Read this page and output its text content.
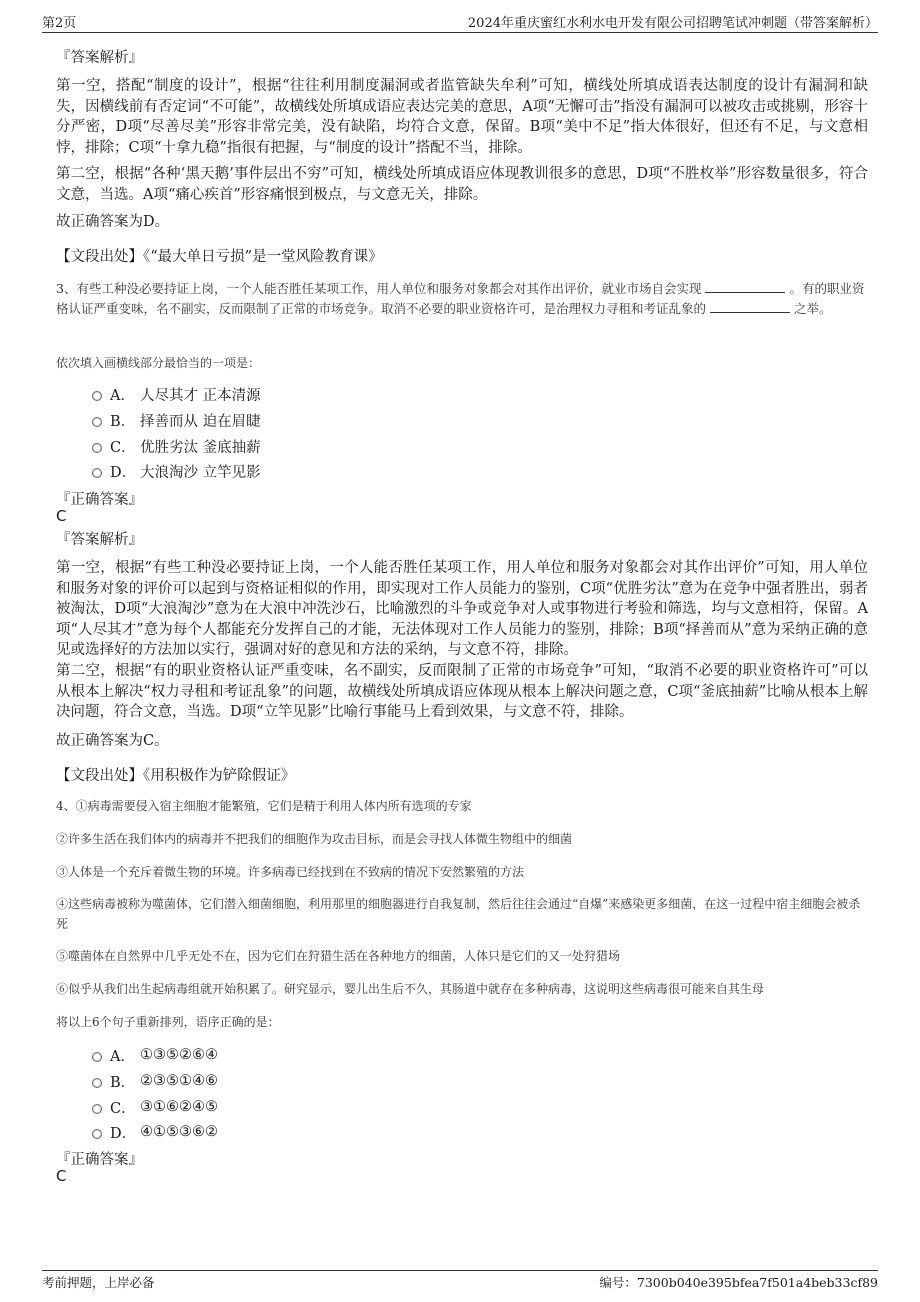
第2页	2024年重庆蜜红水利水电开发有限公司招聘笔试冲刺题（带答案解析）
『答案解析』
第一空，搭配“制度的设计”，根据“往往利用制度漏洞或者监管缺失牟利”可知，横线处所填成语表达制度的设计有漏洞和缺失，因横线前有否定词“不可能”，故横线处所填成语应表达完美的意思，A项“无懈可击”指没有漏洞可以被攻击或挑剔，形容十分严密，D项“尽善尽美”形容非常完美，没有缺陷，均符合文意，保留。B项“美中不足”指大体很好，但还有不足，与文意相悖，排除；C项“十拿九稳”指很有把握，与“制度的设计”搭配不当，排除。
第二空，根据“各种‘黑天鹅’事件层出不穷”可知，横线处所填成语应体现教训很多的意思，D项“不胜枚举”形容数量很多，符合文意，当选。A项“痛心疾首”形容痛恨到极点，与文意无关，排除。
故正确答案为D。
【文段出处】《“最大单日亏损”是一堂风险教育课》
3、有些工种没必要持证上岗，一个人能否胜任某项工作，用人单位和服务对象都会对其作出评价，就业市场自会实现	。有的职业资格认证严重变味，名不副实，反而限制了正常的市场竞争。取消不必要的职业资格许可，是治理权力寻租和考证乱象的	之举。
依次填入画横线部分最恰当的一项是：
A． 人尽其才 正本清源
B． 择善而从 迫在眉睫
C． 优胜劣汰 釜底抽薪
D． 大浪淘沙 立竿见影
『正确答案』
C
『答案解析』
第一空，根据“有些工种没必要持证上岗，一个人能否胜任某项工作，用人单位和服务对象都会对其作出评价”可知，用人单位和服务对象的评价可以起到与资格证相似的作用，即实现对工作人员能力的鉴别，C项“优胜劣汰”意为在竞争中强者胜出，弱者被淘汰，D项“大浪淘沙”意为在大浪中冲洗沙石，比喻激烈的斗争或竞争对人或事物进行考验和筛选，均与文意相符，保留。A项“人尽其才”意为每个人都能充分发挥自己的才能，无法体现对工作人员能力的鉴别，排除；B项“择善而从”意为采纳正确的意见或选择好的方法加以实行，强调对好的意见和方法的采纳，与文意不符，排除。
第二空，根据“有的职业资格认证严重变味，名不副实，反而限制了正常的市场竞争”可知，“取消不必要的职业资格许可”可以从根本上解决“权力寻租和考证乱象”的问题，故横线处所填成语应体现从根本上解决问题之意，C项“釜底抽薪”比喻从根本上解决问题，符合文意，当选。D项“立竿见影”比喻行事能马上看到效果，与文意不符，排除。
故正确答案为C。
【文段出处】《用积极作为铲除假证》
4、①病毒需要侵入宿主细胞才能繁殖，它们是精于利用人体内所有选项的专家
②许多生活在我们体内的病毒并不把我们的细胞作为攻击目标，而是会寻找人体微生物组中的细菌
③人体是一个充斥着微生物的环境。许多病毒已经找到在不致病的情况下安然繁殖的方法
④这些病毒被称为噬菌体，它们潜入细菌细胞，利用那里的细胞器进行自我复制，然后往往会通过“自爆”来感染更多细菌，在这一过程中宿主细胞会被杀死
⑤噬菌体在自然界中几乎无处不在，因为它们在狩猎生活在各种地方的细菌，人体只是它们的又一处狩猎场
⑥似乎从我们出生起病毒组就开始积累了。研究显示，婴儿出生后不久，其肠道中就存在多种病毒，这说明这些病毒很可能来自其生母
将以上6个句子重新排列，语序正确的是：
A． ①③⑤②⑥④
B． ②③⑤①④⑥
C． ③①⑥②④⑤
D． ④①⑤③⑥②
『正确答案』
C
考前押题，上岸必备	编号：7300b040e395bfea7f501a4beb33cf89
